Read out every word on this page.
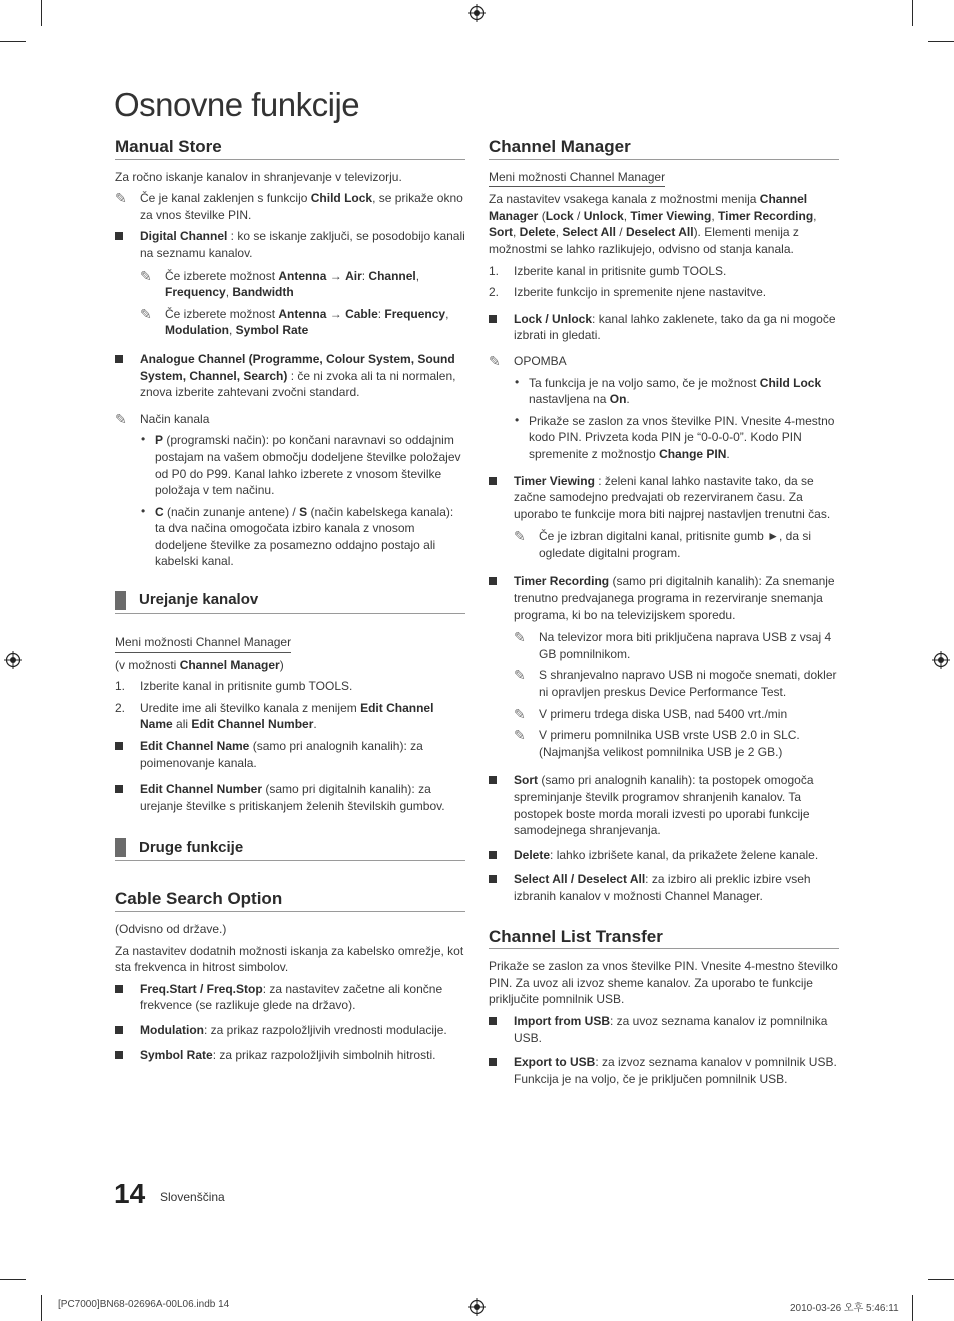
Osnovne funkcije
Manual Store

Za ročno iskanje kanalov in shranjevanje v televizorju.

✎ Če je kanal zaklenjen s funkcijo Child Lock, se prikaže okno za vnos številke PIN.
Digital Channel : ko se iskanje zaključi, se posodobijo kanali na seznamu kanalov.
✎ Če izberete možnost Antenna → Air: Channel, Frequency, Bandwidth
✎ Če izberete možnost Antenna → Cable: Frequency, Modulation, Symbol Rate
Analogue Channel (Programme, Colour System, Sound System, Channel, Search) : če ni zvoka ali ta ni normalen, znova izberite zahtevani zvočni standard.
✎ Način kanala
• P (programski način): po končani naravnavi so oddajnim postajam na vašem območju dodeljene številke položajev od P0 do P99. Kanal lahko izberete z vnosom številke položaja v tem načinu.
• C (način zunanje antene) / S (način kabelskega kanala): ta dva načina omogočata izbiro kanala z vnosom dodeljene številke za posamezno oddajno postajo ali kabelski kanal.
Urejanje kanalov
Meni možnosti Channel Manager

(v možnosti Channel Manager)

1. Izberite kanal in pritisnite gumb TOOLS.
2. Uredite ime ali številko kanala z menijem Edit Channel Name ali Edit Channel Number.
Edit Channel Name (samo pri analognih kanalih): za poimenovanje kanala.
Edit Channel Number (samo pri digitalnih kanalih): za urejanje številke s pritiskanjem želenih številskih gumbov.
Druge funkcije
Cable Search Option

(Odvisno od države.)

Za nastavitev dodatnih možnosti iskanja za kabelsko omrežje, kot sta frekvenca in hitrost simbolov.

Freq.Start / Freq.Stop: za nastavitev začetne ali končne frekvence (se razlikuje glede na državo).
Modulation: za prikaz razpoložljivih vrednosti modulacije.
Symbol Rate: za prikaz razpoložljivih simbolnih hitrosti.
Channel Manager
Meni možnosti Channel Manager

Za nastavitev vsakega kanala z možnostmi menija Channel Manager (Lock / Unlock, Timer Viewing, Timer Recording, Sort, Delete, Select All / Deselect All). Elementi menija z možnostmi se lahko razlikujejo, odvisno od stanja kanala.

1. Izberite kanal in pritisnite gumb TOOLS.
2. Izberite funkcijo in spremenite njene nastavitve.
Lock / Unlock: kanal lahko zaklenete, tako da ga ni mogoče izbrati in gledati.
✎ OPOMBA
• Ta funkcija je na voljo samo, če je možnost Child Lock nastavljena na On.
• Prikaže se zaslon za vnos številke PIN. Vnesite 4-mestno kodo PIN. Privzeta koda PIN je “0-0-0-0”. Kodo PIN spremenite z možnostjo Change PIN.
Timer Viewing : želeni kanal lahko nastavite tako, da se začne samodejno predvajati ob rezerviranem času. Za uporabo te funkcije mora biti najprej nastavljen trenutni čas.
✎ Če je izbran digitalni kanal, pritisnite gumb ►, da si ogledate digitalni program.
Timer Recording (samo pri digitalnih kanalih): Za snemanje trenutno predvajanega programa in rezerviranje snemanja programa, ki bo na televizijskem sporedu.
✎ Na televizor mora biti priključena naprava USB z vsaj 4 GB pomnilnikom.
✎ S shranjevalno napravo USB ni mogoče snemati, dokler ni opravljen preskus Device Performance Test.
✎ V primeru trdega diska USB, nad 5400 vrt./min
✎ V primeru pomnilnika USB vrste USB 2.0 in SLC. (Najmanjša velikost pomnilnika USB je 2 GB.)
Sort (samo pri analognih kanalih): ta postopek omogoča spreminjanje številk programov shranjenih kanalov. Ta postopek boste morda morali izvesti po uporabi funkcije samodejnega shranjevanja.
Delete: lahko izbrišete kanal, da prikažete želene kanale.
Select All / Deselect All: za izbiro ali preklic izbire vseh izbranih kanalov v možnosti Channel Manager.
Channel List Transfer

Prikaže se zaslon za vnos številke PIN. Vnesite 4-mestno številko PIN. Za uvoz ali izvoz sheme kanalov. Za uporabo te funkcije priključite pomnilnik USB.

Import from USB: za uvoz seznama kanalov iz pomnilnika USB.
Export to USB: za izvoz seznama kanalov v pomnilnik USB. Funkcija je na voljo, če je priključen pomnilnik USB.
14 Slovenščina
[PC7000]BN68-02696A-00L06.indb 14	2010-03-26 오후 5:46:11
